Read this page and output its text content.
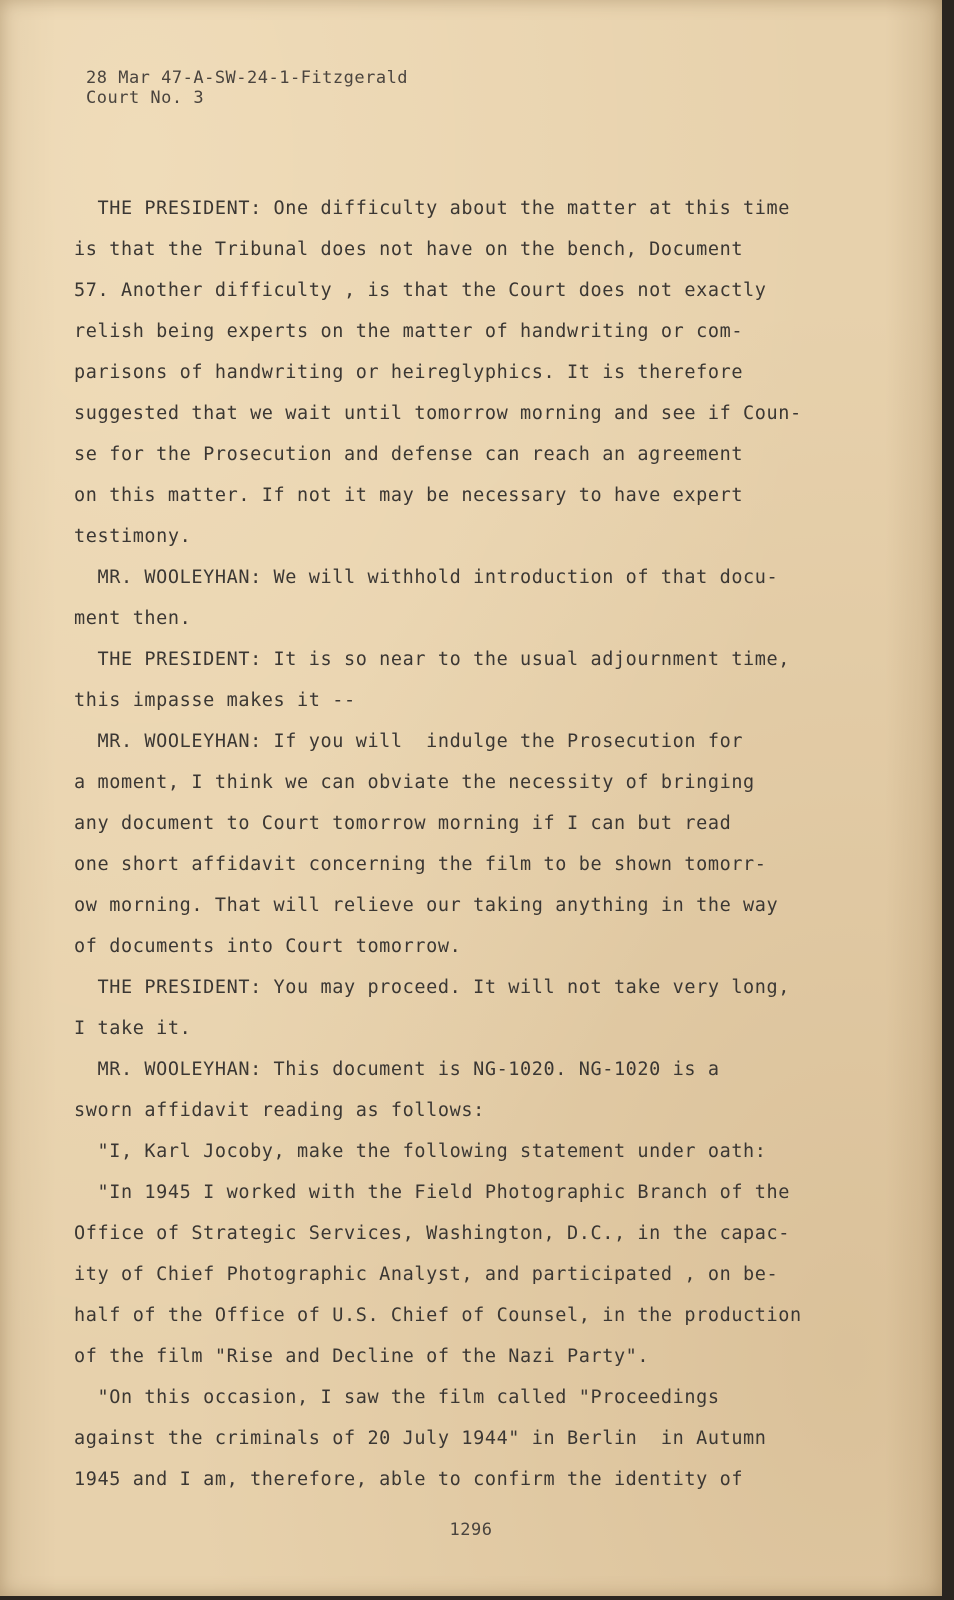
28 Mar 47-A-SW-24-1-Fitzgerald
Court No. 3
THE PRESIDENT: One difficulty about the matter at this time
is that the Tribunal does not have on the bench, Document
57. Another difficulty , is that the Court does not exactly
relish being experts on the matter of handwriting or com-
parisons of handwriting or heireglyphics. It is therefore
suggested that we wait until tomorrow morning and see if Coun-
se for the Prosecution and defense can reach an agreement
on this matter. If not it may be necessary to have expert
testimony.
MR. WOOLEYHAN: We will withhold introduction of that docu-
ment then.
THE PRESIDENT: It is so near to the usual adjournment time,
this impasse makes it --
MR. WOOLEYHAN: If you will  indulge the Prosecution for
a moment, I think we can obviate the necessity of bringing
any document to Court tomorrow morning if I can but read
one short affidavit concerning the film to be shown tomorr-
ow morning. That will relieve our taking anything in the way
of documents into Court tomorrow.
THE PRESIDENT: You may proceed. It will not take very long,
I take it.
MR. WOOLEYHAN: This document is NG-1020. NG-1020 is a
sworn affidavit reading as follows:
"I, Karl Jocoby, make the following statement under oath:
"In 1945 I worked with the Field Photographic Branch of the
Office of Strategic Services, Washington, D.C., in the capac-
ity of Chief Photographic Analyst, and participated , on be-
half of the Office of U.S. Chief of Counsel, in the production
of the film "Rise and Decline of the Nazi Party".
"On this occasion, I saw the film called "Proceedings
against the criminals of 20 July 1944" in Berlin  in Autumn
1945 and I am, therefore, able to confirm the identity of
1296
